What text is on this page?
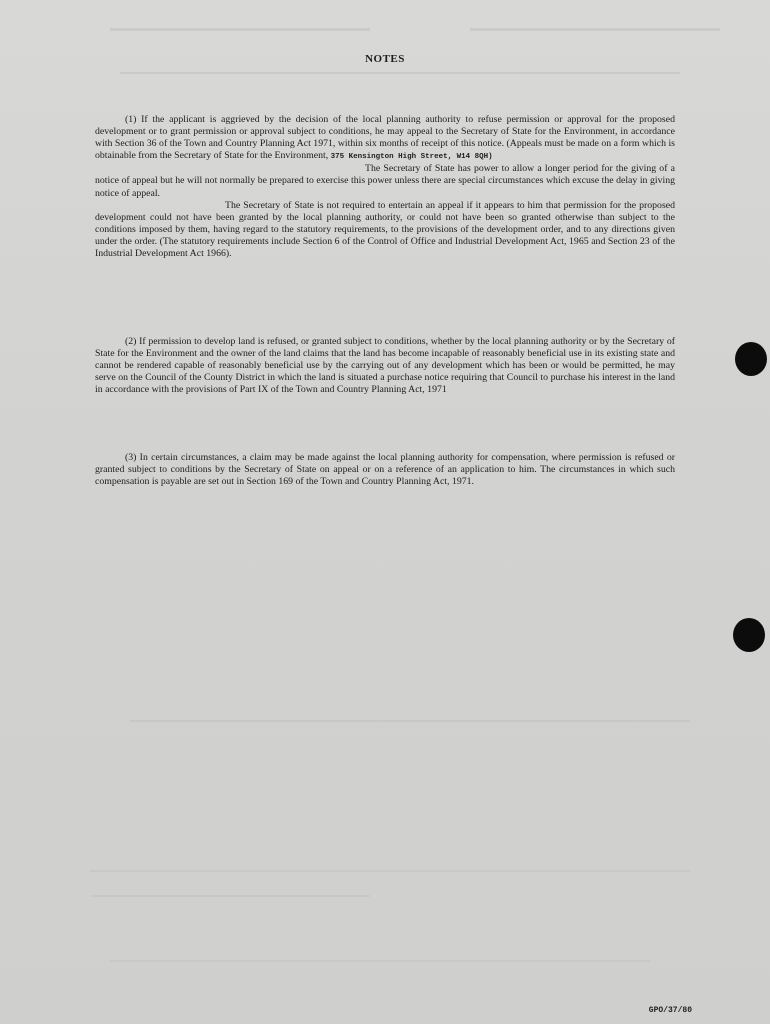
NOTES

(1) If the applicant is aggrieved by the decision of the local planning authority to refuse permission or approval for the proposed development or to grant permission or approval subject to conditions, he may appeal to the Secretary of State for the Environment, in accordance with Section 36 of the Town and Country Planning Act 1971, within six months of receipt of this notice. (Appeals must be made on a form which is obtainable from the Secretary of State for the Environment, 375 Kensington High Street, W14 8QH)
The Secretary of State has power to allow a longer period for the giving of a notice of appeal but he will not normally be prepared to exercise this power unless there are special circumstances which excuse the delay in giving notice of appeal.
The Secretary of State is not required to entertain an appeal if it appears to him that permission for the proposed development could not have been granted by the local planning authority, or could not have been so granted otherwise than subject to the conditions imposed by them, having regard to the statutory requirements, to the provisions of the development order, and to any directions given under the order. (The statutory requirements include Section 6 of the Control of Office and Industrial Development Act, 1965 and Section 23 of the Industrial Development Act 1966).

(2) If permission to develop land is refused, or granted subject to conditions, whether by the local planning authority or by the Secretary of State for the Environment and the owner of the land claims that the land has become incapable of reasonably beneficial use in its existing state and cannot be rendered capable of reasonably beneficial use by the carrying out of any development which has been or would be permitted, he may serve on the Council of the County District in which the land is situated a purchase notice requiring that Council to purchase his interest in the land in accordance with the provisions of Part IX of the Town and Country Planning Act, 1971

(3) In certain circumstances, a claim may be made against the local planning authority for compensation, where permission is refused or granted subject to conditions by the Secretary of State on appeal or on a reference of an application to him. The circumstances in which such compensation is payable are set out in Section 169 of the Town and Country Planning Act, 1971.

GPO/37/80
